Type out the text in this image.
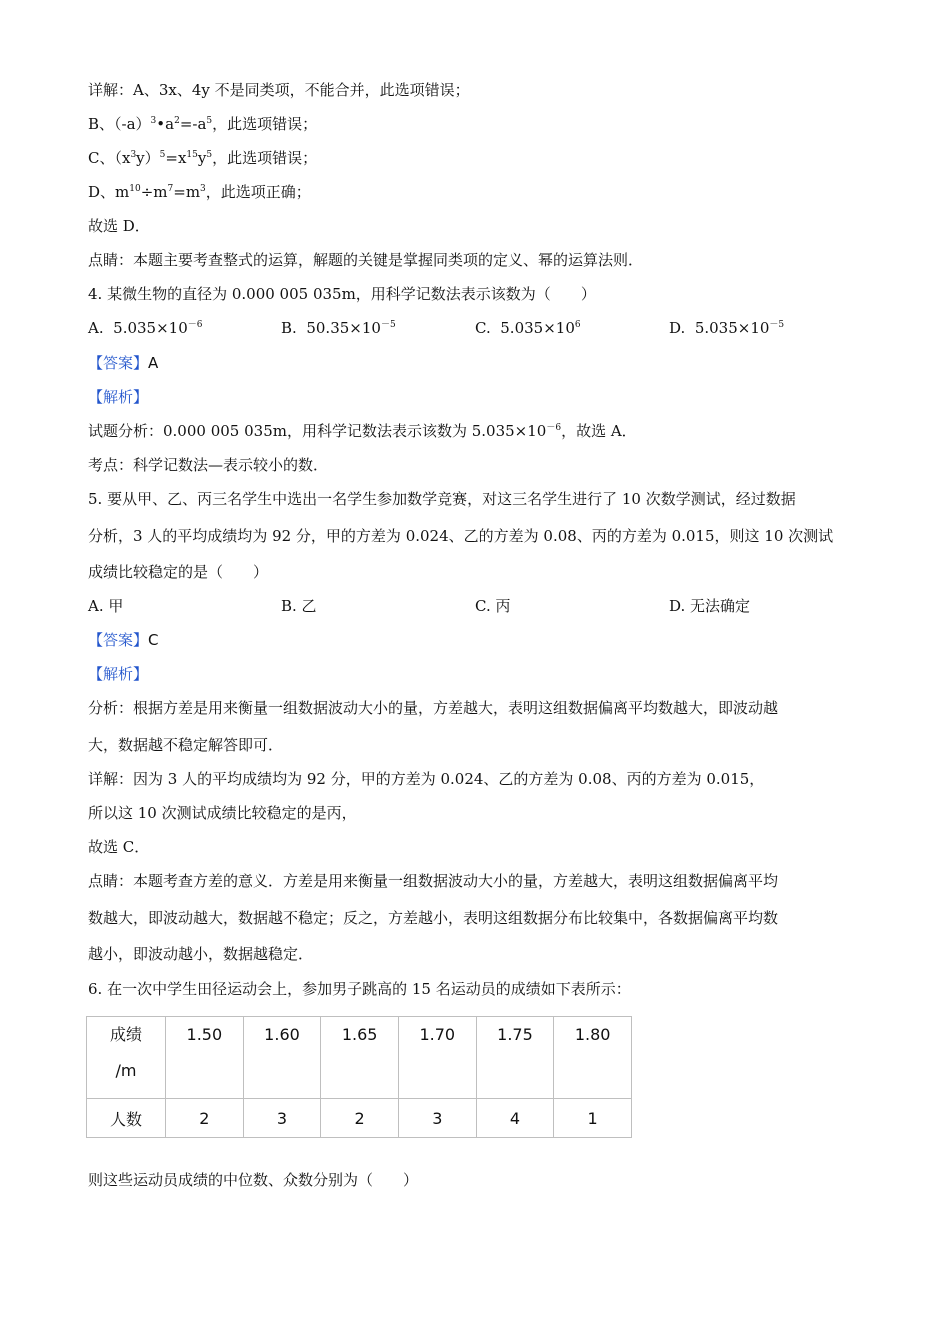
详解：A、3x、4y 不是同类项，不能合并，此选项错误；
B、$(-a)^3•a^2=-a^5$，此选项错误；
C、$(x^3y)^5=x^{15}y^5$，此选项错误；
D、$m^{10}\div m^7=m^3$，此选项正确；
故选 D．
点睛：本题主要考查整式的运算，解题的关键是掌握同类项的定义、幂的运算法则．
4. 某微生物的直径为 0.000 005 035m，用科学记数法表示该数为（　　）
A. $5.035\times 10^{-6}$	B. $50.35\times 10^{-5}$	C. $5.035\times 10^6$	D. $5.035\times 10^{-5}$
【答案】A
【解析】
试题分析：0.000 005 035m，用科学记数法表示该数为 $5.035\times 10^{-6}$，故选 A．
考点：科学记数法—表示较小的数．
5. 要从甲、乙、丙三名学生中选出一名学生参加数学竞赛，对这三名学生进行了 10 次数学测试，经过数据
分析，3 人的平均成绩均为 92 分，甲的方差为 0.024、乙的方差为 0.08、丙的方差为 0.015，则这 10 次测试
成绩比较稳定的是（　　）
A. 甲	B. 乙	C. 丙	D. 无法确定
【答案】C
【解析】
分析：根据方差是用来衡量一组数据波动大小的量，方差越大，表明这组数据偏离平均数越大，即波动越
大，数据越不稳定解答即可．
详解：因为 3 人的平均成绩均为 92 分，甲的方差为 0.024、乙的方差为 0.08、丙的方差为 0.015，
所以这 10 次测试成绩比较稳定的是丙，
故选 C．
点睛：本题考查方差的意义．方差是用来衡量一组数据波动大小的量，方差越大，表明这组数据偏离平均
数越大，即波动越大，数据越不稳定；反之，方差越小，表明这组数据分布比较集中，各数据偏离平均数
越小，即波动越小，数据越稳定．
6. 在一次中学生田径运动会上，参加男子跳高的 15 名运动员的成绩如下表所示：
成绩
/m	1.50	1.60	1.65	1.70	1.75	1.80
人数	2	3	2	3	4	1
则这些运动员成绩的中位数、众数分别为（　　）
